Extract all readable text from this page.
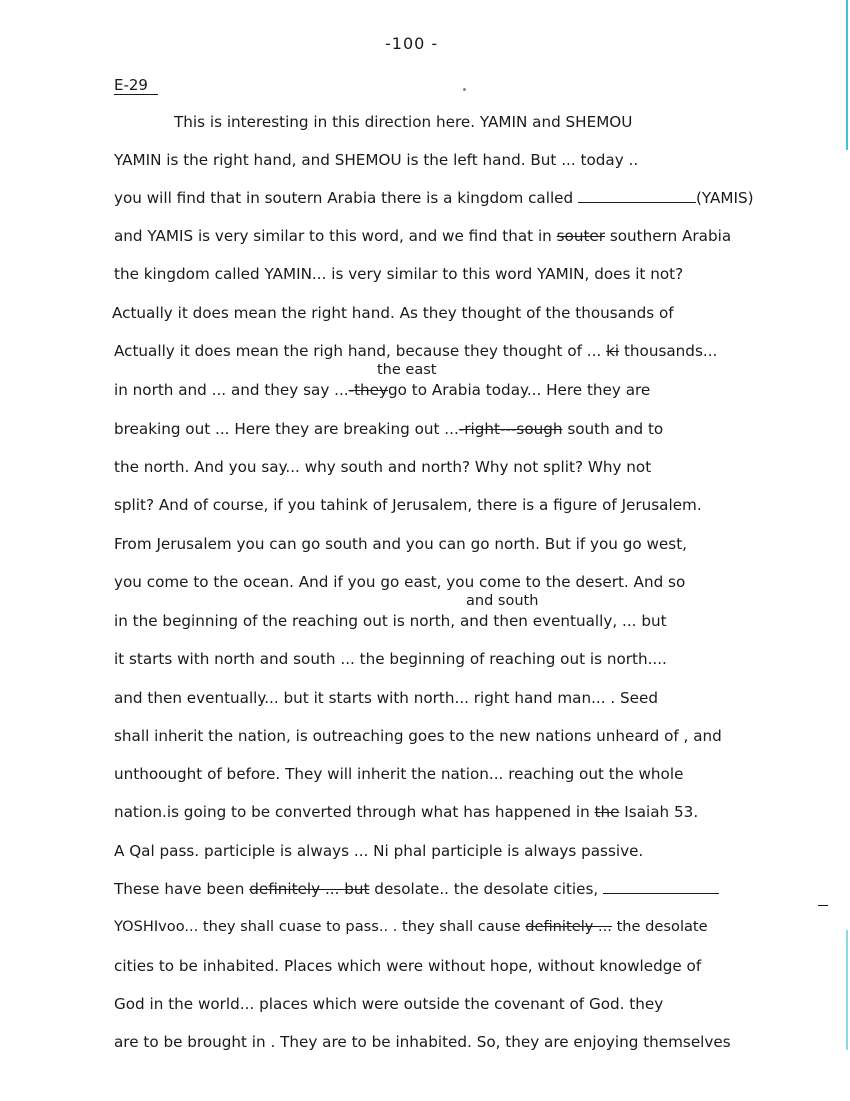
-100 -
E-29
This is interesting in this direction here. YAMIN and SHEMOU
YAMIN is the right hand, and SHEMOU is the left hand. But ... today ..
you will find that in soutern Arabia there is a kingdom called	(YAMIS)
and YAMIS is very similar to this word, and we find that in souter southern Arabia
the kingdom called YAMIN... is very similar to this word YAMIN, does it not?
Actually it does mean the right hand. As they thought of the thousands of
Actually it does mean the righ hand, because they thought of ... ki thousands...
the east
in north and ... and they say ...-theygo to Arabia today... Here they are
breaking out ... Here they are breaking out ...-right---sough south and to
the north. And you say... why south and north? Why not split? Why not
split? And of course, if you tahink of Jerusalem, there is a figure of Jerusalem.
From Jerusalem you can go south and you can go north. But if you go west,
you come to the ocean. And if you go east, you come to the desert. And so
and south
in the beginning of the reaching out is north, and then eventually, ... but
it starts with north and south ... the beginning of reaching out is north....
and then eventually... but it starts with north... right hand man... . Seed
shall inherit the nation, is outreaching goes to the new nations unheard of , and
unthoought of before. They will inherit the nation... reaching out the whole
nation.is going to be converted through what has happened in the Isaiah 53.
A Qal pass. participle is always ... Ni phal participle is always passive.
These have been definitely ... but desolate.. the desolate cities,
YOSHIvoo... they shall cuase to pass.. . they shall cause definitely ... the desolate
cities to be inhabited. Places which were without hope, without knowledge of
God in the world... places which were outside the covenant of God. they
are to be brought in . They are to be inhabited. So, they are enjoying themselves
